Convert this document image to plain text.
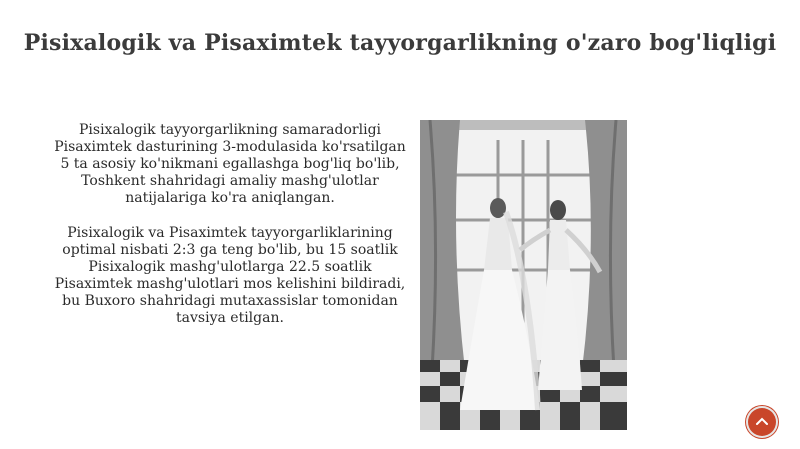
Pisixalogik va Pisaximtek tayyorgarlikning o'zaro bog'liqligi

Pisixalogik tayyorgarlikning samaradorligi Pisaximtek dasturining 3-modulasida ko'rsatilgan 5 ta asosiy ko'nikmani egallashga bog'liq bo'lib, Toshkent shahridagi amaliy mashg'ulotlar natijalariga ko'ra aniqlangan.

Pisixalogik va Pisaximtek tayyorgarliklarining optimal nisbati 2:3 ga teng bo'lib, bu 15 soatlik Pisixalogik mashg'ulotlarga 22.5 soatlik Pisaximtek mashg'ulotlari mos kelishini bildiradi, bu Buxoro shahridagi mutaxassislar tomonidan tavsiya etilgan.
